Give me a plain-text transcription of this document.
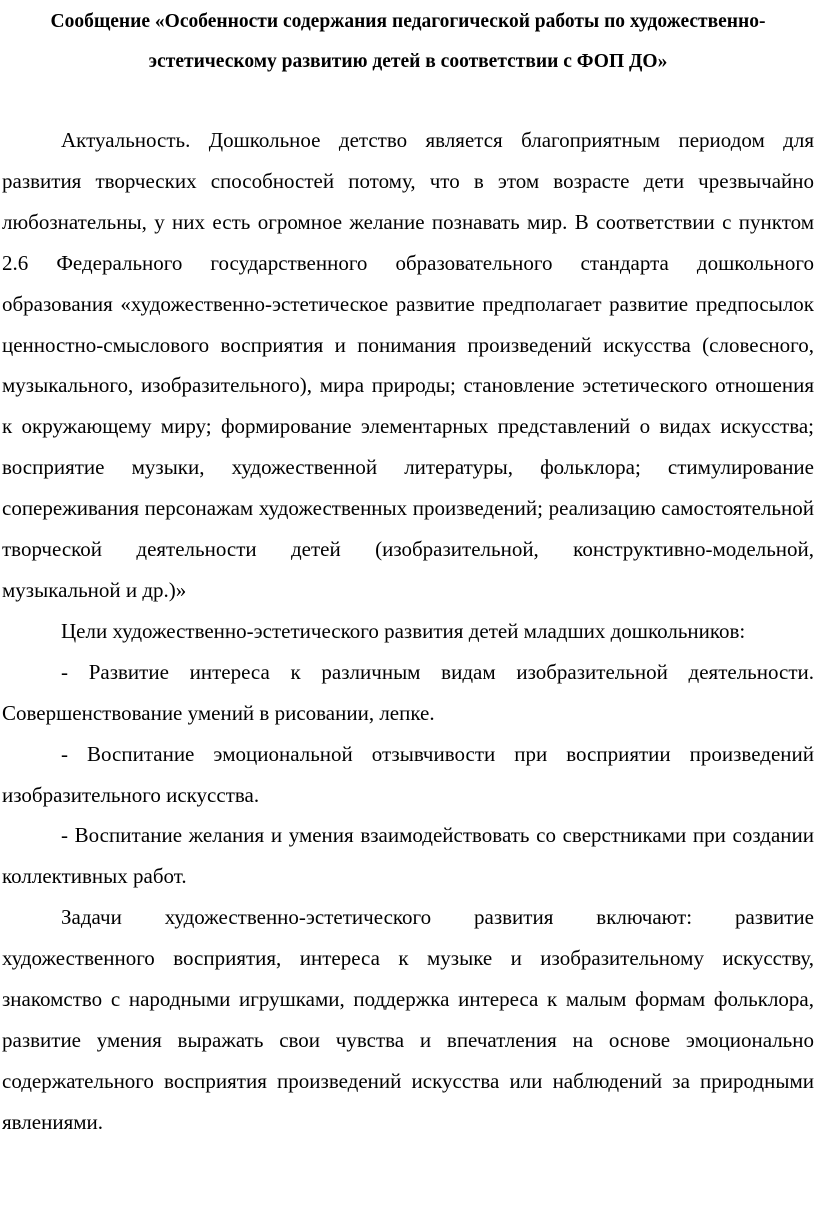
Сообщение «Особенности содержания педагогической работы по художественно-эстетическому развитию детей в соответствии с ФОП ДО»

Актуальность. Дошкольное детство является благоприятным периодом для развития творческих способностей потому, что в этом возрасте дети чрезвычайно любознательны, у них есть огромное желание познавать мир. В соответствии с пунктом 2.6 Федерального государственного образовательного стандарта дошкольного образования «художественно-эстетическое развитие предполагает развитие предпосылок ценностно-смыслового восприятия и понимания произведений искусства (словесного, музыкального, изобразительного), мира природы; становление эстетического отношения к окружающему миру; формирование элементарных представлений о видах искусства; восприятие музыки, художественной литературы, фольклора; стимулирование сопереживания персонажам художественных произведений; реализацию самостоятельной творческой деятельности детей (изобразительной, конструктивно-модельной, музыкальной и др.)»

Цели художественно-эстетического развития детей младших дошкольников:

- Развитие интереса к различным видам изобразительной деятельности. Совершенствование умений в рисовании, лепке.

- Воспитание эмоциональной отзывчивости при восприятии произведений изобразительного искусства.

- Воспитание желания и умения взаимодействовать со сверстниками при создании коллективных работ.

Задачи художественно-эстетического развития включают: развитие художественного восприятия, интереса к музыке и изобразительному искусству, знакомство с народными игрушками, поддержка интереса к малым формам фольклора, развитие умения выражать свои чувства и впечатления на основе эмоционально содержательного восприятия произведений искусства или наблюдений за природными явлениями.
